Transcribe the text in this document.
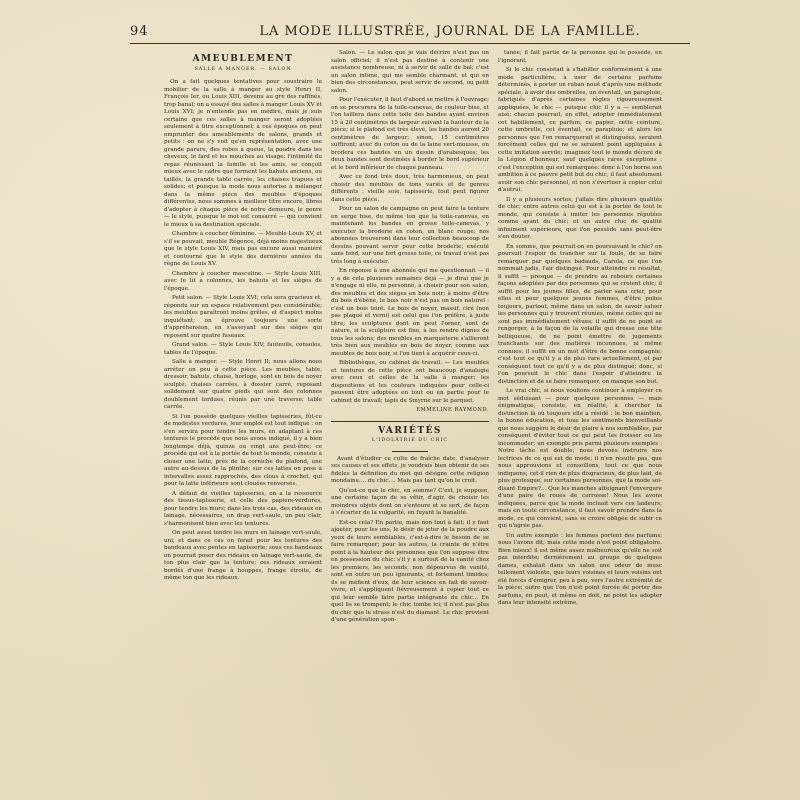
94	LA MODE ILLUSTRÉE, JOURNAL DE LA FAMILLE.
AMEUBLEMENT
SALLE À MANGER. — SALON

On a fait quelques tentatives pour soustraire le mobilier de la salle à manger au style Henri II, François Ier, ou Louis XIII, devenu au gré des raffinés, trop banal; on a essayé des salles à manger Louis XV et Louis XVI; je n'entends pas en médire, mais je suis certaine que ces salles à manger seront adoptées seulement à titre exceptionnel; à ces époques on peut emprunter des ameublements de salons, grands et petits : on ne s'y voit qu'en représentation, avec une grande parure, des robes à queue, la poudre dans les cheveux, le fard et les mouches au visage; l'intimité du repas réunissant la famille et les amis, se conçoit mieux avec le cadre que forment les bahuts anciens, ou taillés, la grande table carrée, les chaises trapues et solides; et puisque la mode nous autorise à mélanger dans la même pièce des meubles d'époques différentes, nous sommes à meilleur titre encore, libres d'adopter à chaque pièce de notre demeure, le genre — le style, puisque le mot est consacré — qui convient le mieux à sa destination spéciale.

Chambre à coucher féminine. — Meuble Louis XV, et s'il se pouvait, meuble Régence, déjà moins majestueux que le style Louis XIV, mais pas encore aussi maniéré et contourné que le style des dernières années du règne de Louis XV.

Chambre à coucher masculine. — Style Louis XIII, avec le lit à colonnes, les bahuts et les sièges de l'époque.

Petit salon. — Style Louis XVI; cela sera gracieux et, répondu sur un espace relativement peu considérable; les meubles paraîtront moins grêles, et d'aspect moins inquiétant; on éprouve toujours une sorte d'appréhension, en s'asseyant sur des sièges qui reposent sur quatre fuseaux.

Grand salon. — Style Louis XIV; fauteuils, consoles, tables de l'époque.

Salle à manger. — Style Henri II; nous allons nous arrêter un peu à cette pièce. Les meubles, table, dressoir, bahuts, chaise, horloge, sont en bois de noyer sculpté; chaises carrées, à dossier carré, reposant solidement sur quatre pieds qui sont des colonnes doublement tordues, réunis par une traverse; table carrée.

Si l'on possède quelques vieilles tapisseries, fût-ce de modestes verdures, leur emploi est tout indiqué : on s'en servira pour tendre les murs, en adaptant à ces tentures le procédé que nous avons indiqué, il y a bien longtemps déjà, quinze ou vingt ans peut-être; ce procédé qui est à la portée de tout le monde, consiste à clouer une latte, près de la corniche du plafond, une autre au-dessus de la plinthe; sur ces lattes on pose à intervalles assez rapprochés, des clous à crochet, qui pour la latte inférieure sont clouées renversés.

A défaut de vieilles tapisseries, on a la ressource des tissus-tapisserie, et celle des papiers-verdures, pour tendre les murs; dans les trois cas, des rideaux en lainage, nécessaires, un drap vert-saule, un peu clair, s'harmonisent bien avec les tentures.

On peut aussi tendre les murs en lainage vert-saule, uni, et dans ce cas on ferait pour les tentures des bandeaux avec pentes en tapisserie; sous ces bandeaux on pourrait poser des rideaux en lainage vert-saule, de ton plus clair que la tenture; ces rideaux seraient bordés d'une frange à houppes, frange étroite, de même ton que les rideaux.

Salon. — Le salon que je vais décrire n'est pas un salon officiel; il n'est pas destiné à contenir une assistance nombreuse, ni à servir de salle de bal; c'est un salon intime, qui me semble charmant, et qui en bien des circonstances, peut servir de second, ou petit salon.

Pour l'exécuter, il faut d'abord se mettre à l'ouvrage; on se procurera de la toile-canevas, de couleur bise, et l'on taillera dans cette toile des bandes ayant environ 15 à 20 centimètres de largeur suivant la hauteur de la pièce; si le plafond est très élevé, les bandes auront 20 centimètres de largeur; sinon, 15 centimètres suffiront; avec du coton ou de la laine vert-mousse, on brodera ces bandes en un dessin d'arabesques; les deux bandes sont destinées à border le bord supérieur et le bord inférieur de chaque panneau.

Avec ce fond très doux, très harmonieux, on peut choisir des meubles de tons variés et de genres différents : vieille soie, tapisserie, tout peut figurer dans cette pièce.

Pour un salon de campagne on peut faire la tenture en serge bise, du même ton que la toile-canevas, en maintenant les bandes en grosse toile-canevas, y exécuter la broderie en coton, un blanc rouge; nos abonnées trouveront dans leur collection beaucoup de dessins pouvant servir pour cette broderie; exécuté sans fond, sur une fort grosse toile, ce travail n'est pas très long à exécuter.

En réponse à une abonnée qui me questionnait — il y a de cela plusieurs semaines déjà — je dirai que je n'engage ni elle, ni personne, à choisir pour son salon, des meubles et des sièges en bois noir; à moins d'être du bois d'ébène, le bois noir n'est pas un bois naturel : c'est un bois teint. Le bois de noyer, massif, ciré (non pas plaqué et verni) est celui que l'on préfère, à juste titre; les sculptures dont on peut l'orner, sont de nature, si la sculpture est fine, à les rendre dignes de tous les salons; des meubles en marqueterie s'allieront très bien aux meubles en bois de noyer, comme aux meubles de bois noir, si l'on tient à acquérir ceux-ci.

Bibliothèque, ou cabinet de travail. — Les meubles et tentures de cette pièce ont beaucoup d'analogie avec ceux et celles de la salle à manger; les dispositions et les couleurs indiquées pour celle-ci peuvent être adoptées en tout ou en partie pour le cabinet de travail; tapis de Smyrne sur le parquet.

EMMELINE RAYMOND.
VARIÉTÉS
L'IDOLÂTRIE DU CHIC

Avant d'étudier ce culte de fraîche date, d'analyser ses causes et ses effets, je voudrais bien obtenir de ses fidèles la définition du mot qui désigne cette religion mondaine.... du chic.... Mais pas tant qu'on le croit.

Qu'est-ce que le chic, en somme? C'est, je suppose, une certaine façon de se vêtir, d'agir, de choisir les moindres objets dont on s'entoure et se sert, de façon à s'écarter de la vulgarité, en fuyant la banalité.

Est-ce cela? En partie, mais non tout à fait; il y faut ajouter, pour les uns, le désir de jeter de la poudre aux yeux de leurs semblables, c'est-à-dire le besoin de se faire remarquer; pour les autres, la crainte de n'être point à la hauteur des personnes que l'on suppose être en possession du chic; s'il y a surtout de la vanité chez les premiers, les seconds, non dépourvus de vanité, sont en outre un peu ignorants, et fortement timides; ils se méfient d'eux, de leur science en fait de savoir-vivre, et s'appliquent fiévreusement à copier tout ce qui leur semble faire partie intégrante du chic... En quel lis se trompent; le chic tombe ici; il n'est pas plus du chic que le strass n'est du diamant. Le chic provient d'une génération spon-

tanée; il fait partie de la personne qui le possède, en l'ignorant.

Si le chic consistait à s'habiller conformément à une mode particulière, à user de certains parfums déterminés, à porter un ruban noué d'après une méthode spéciale, à avoir des ombrelles, un éventail, un parapluie, fabriqués d'après certaines règles rigoureusement appliquées, le chic — puisque chic il y a — semblerait aisé; chacun pourrait, en effet, adopter immédiatement cet habillement, ce parfum, ce papier, cette ceinture, cette ombrelle, cet éventail, ce parapluie; et alors les personnes que l'on remarquerait si distinguées, seraient forcément celles qui ne se seraient point appliquées à cette imitation servile; imaginez tout le monde décoré de la Légion d'honneur, sauf quelques rares exceptions : c'est l'exception qui est remarquée; donc à l'on borne son ambition à ce pauvre petit but du chic, il faut absolument avoir son chic personnel, et non s'évertuer à copier celui d'autrui.

Il y a plusieurs sortes, j'allais dire plusieurs qualités de chic; entre autres celui qui est à la portée de tout le monde, qui consiste à imiter les personnes réputées comme ayant du chic; et un autre chic de qualité infiniment supérieure, que l'on possède sans peut-être s'en douter.

En somme, que pourrait-on en poursuivant le chic? on poursuit l'espoir de trancher sur la foule, de se faire remarquer par quelques badauds, Carola, ce que l'on nommait jadis, l'air distingué. Pour atteindre ce résultat, il suffit — presque — de prendre au rebours certaines façons adoptées par des personnes qui se croient chic; il suffit pour les jeunes filles, de parler sans crier, pour elles et pour quelques jeunes femmes, d'être polies toujours, partout, même dans un salon, de savoir saluer les personnes qui y trouvent réunies, même celles qui ne sont pas immédiatement vêtues; il suffit de ne point se rengorger, à la façon de la volaille qui dresse une tête belliqueuse, de ne point émettre de jugements tranchants sur des matières inconnues, ni même connues; il suffit en un mot d'être de bonne compagnie; c'est tout ce qu'il y a de plus rare actuellement, et par conséquent tout ce qu'il y a de plus distingué; donc, si l'on poursuit le chic dans l'espoir d'atteindre la distinction et de se faire remarquer, on manque son but.

Le vrai chic, si nous voulions continuer à employer ce mot séduisant — pour quelques personnes — mais énigmatique, consiste, en réalité, à chercher la distinction là où toujours elle a résidé : le bon maintien, la bonne éducation, et tous les sentiments bienveillants que nous suggère le désir de plaire à nos semblables, par conséquent d'éviter tout ce qui peut les froisser ou les incommoder; un exemple pris parmi plusieurs exemples : Notre tâche est double; nous devons instruire nos lectrices de ce qui est de mode; il n'en résulte pas, que nous approuvions et conseillons, tout ce que nous indiquons; cet-il rien de plus disgracieux, de plus laid, de plus grotesque, sur certaines personnes, que la mode soi-disant Empire?... Que les manches atteignant l'envergure d'une paire de roues de carrosse! Nous les avons indiquées, parce que la mode incluait vers ces laideurs; mais en toute circonstance, il faut savoir prendre dans la mode, ce qui convient, sans se croire obligée de subir ce qui n'agrée pas.

Un autre exemple : les femmes portent des parfums; nous l'avons dit; mais cette mode n'est point obligatoire. Bien mieux! il est même assez malheureux qu'elle ne soit pas interdite; dernièrement au groupe de quelques dames, exhalait dans un salon une odeur de musc tellement violente, que leurs voisines et leurs voisins ont été forcés d'émigrer, peu à peu, vers l'autre extrémité de la pièce; outre que l'on n'est point forcée de porter des parfums, en peut, et même on doit, ne point les adopter dans leur intensité extrême,
